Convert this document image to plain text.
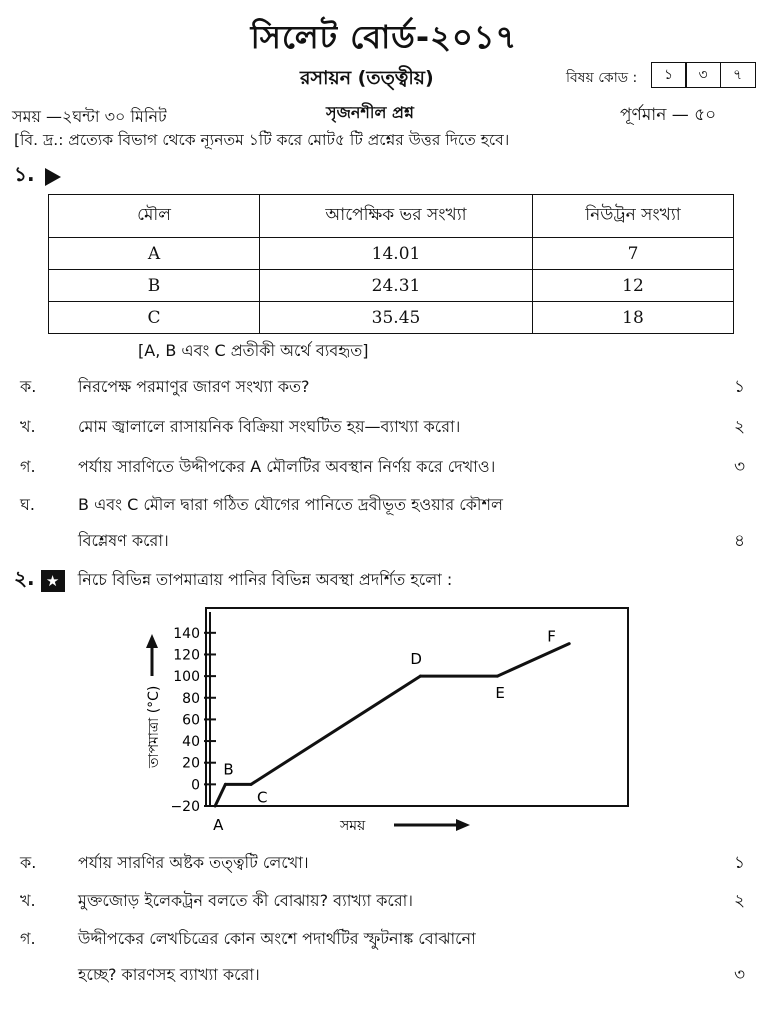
সিলেট বোর্ড-২০১৭
রসায়ন (তত্ত্বীয়)	বিষয় কোড :	১	৩	৭
সময় —২ঘন্টা ৩০ মিনিট	সৃজনশীল প্রশ্ন	পূর্ণমান — ৫০
[বি. দ্র.: প্রত্যেক বিভাগ থেকে ন্যূনতম ১টি করে মোট৫ টি প্রশ্নের উত্তর দিতে হবে।
১.
মৌল	আপেক্ষিক ভর সংখ্যা	নিউট্রন সংখ্যা
A	14.01	7
B	24.31	12
C	35.45	18
[A, B এবং C প্রতীকী অর্থে ব্যবহৃত]
ক.	নিরপেক্ষ পরমাণুর জারণ সংখ্যা কত?	১
খ.	মোম জ্বালালে রাসায়নিক বিক্রিয়া সংঘটিত হয়—ব্যাখ্যা করো।	২
গ.	পর্যায় সারণিতে উদ্দীপকের A মৌলটির অবস্থান নির্ণয় করে দেখাও।	৩
ঘ.	B এবং C মৌল দ্বারা গঠিত যৌগের পানিতে দ্রবীভূত হওয়ার কৌশল
বিশ্লেষণ করো।	৪
২. ★ নিচে বিভিন্ন তাপমাত্রায় পানির বিভিন্ন অবস্থা প্রদর্শিত হলো :
140
120
100
80
60
40
20
0
−20
A
B
C
D
E
F
তাপমাত্রা (°C)
সময়
ক.	পর্যায় সারণির অষ্টক তত্ত্বটি লেখো।	১
খ.	মুক্তজোড় ইলেকট্রন বলতে কী বোঝায়? ব্যাখ্যা করো।	২
গ.	উদ্দীপকের লেখচিত্রের কোন অংশে পদার্থটির স্ফুটনাঙ্ক বোঝানো
হচ্ছে? কারণসহ ব্যাখ্যা করো।	৩
